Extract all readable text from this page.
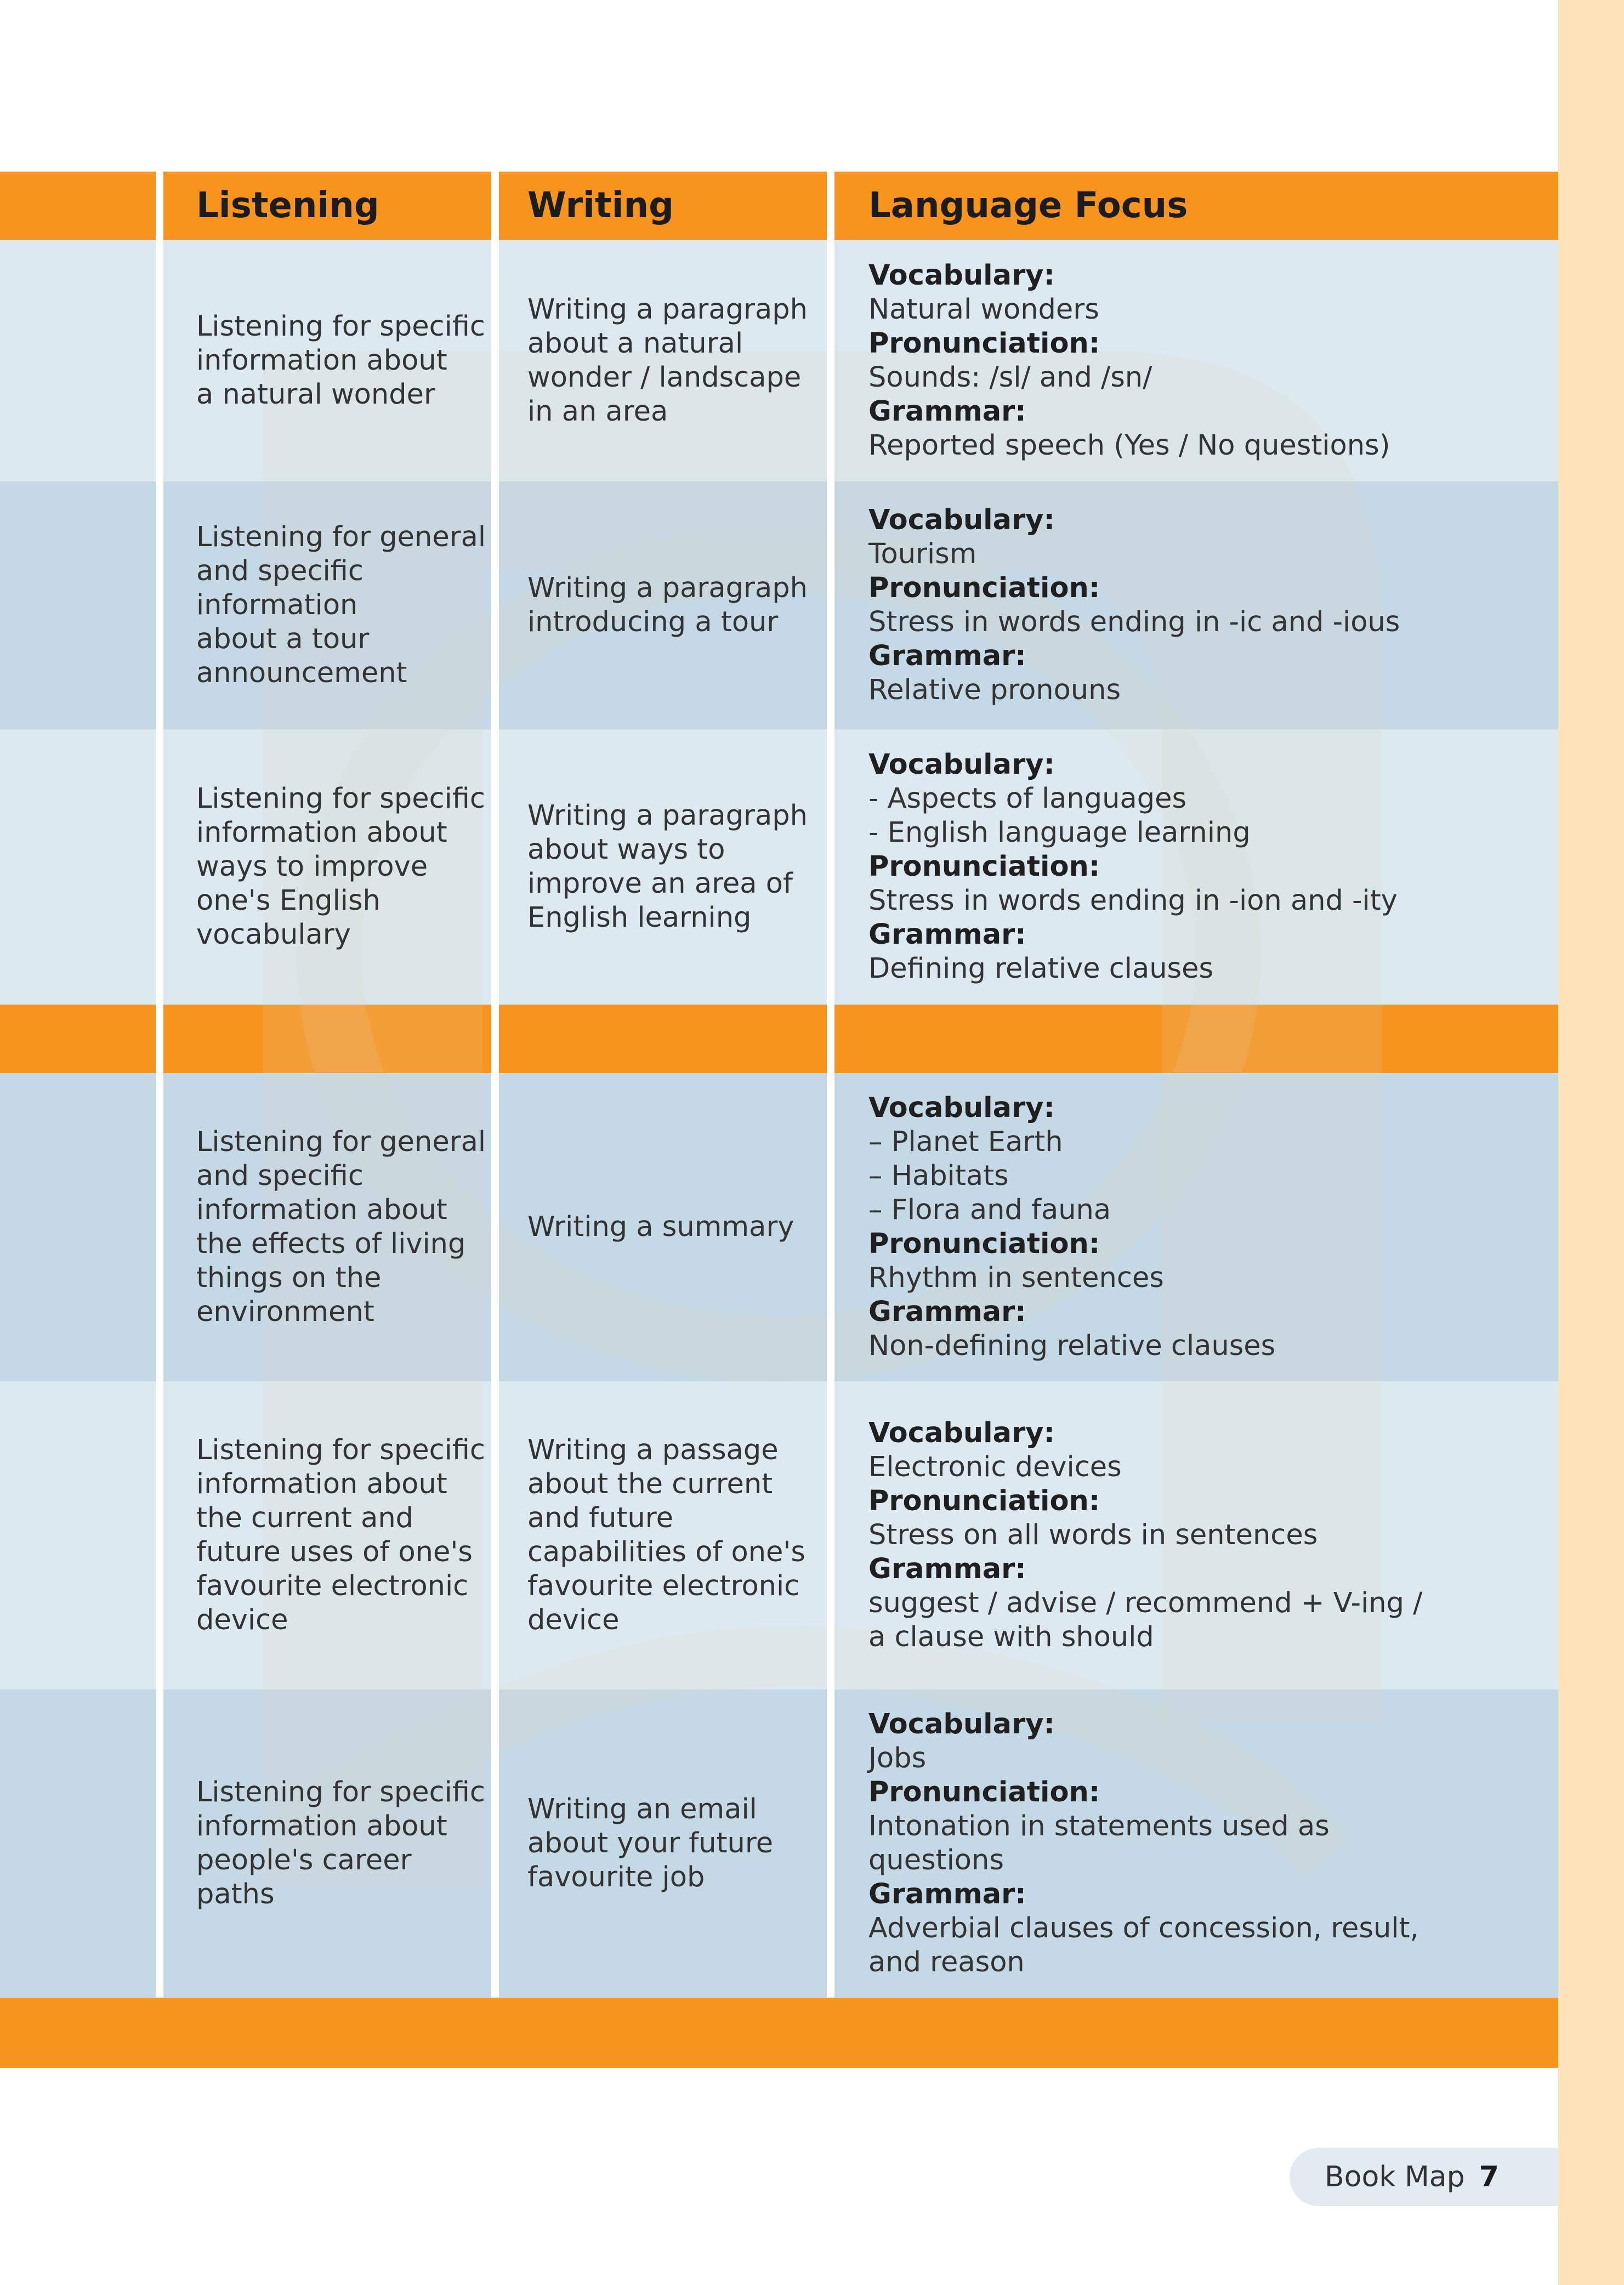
Listening	Writing	Language Focus
Listening for specific
information about
a natural wonder
Writing a paragraph
about a natural
wonder / landscape
in an area
Vocabulary:
Natural wonders
Pronunciation:
Sounds: /sl/ and /sn/
Grammar:
Reported speech (Yes / No questions)
Listening for general
and specific
information
about a tour
announcement
Writing a paragraph
introducing a tour
Vocabulary:
Tourism
Pronunciation:
Stress in words ending in -ic and -ious
Grammar:
Relative pronouns
Listening for specific
information about
ways to improve
one's English
vocabulary
Writing a paragraph
about ways to
improve an area of
English learning
Vocabulary:
- Aspects of languages
- English language learning
Pronunciation:
Stress in words ending in -ion and -ity
Grammar:
Defining relative clauses
Listening for general
and specific
information about
the effects of living
things on the
environment
Writing a summary
Vocabulary:
– Planet Earth
– Habitats
– Flora and fauna
Pronunciation:
Rhythm in sentences
Grammar:
Non-defining relative clauses
Listening for specific
information about
the current and
future uses of one's
favourite electronic
device
Writing a passage
about the current
and future
capabilities of one's
favourite electronic
device
Vocabulary:
Electronic devices
Pronunciation:
Stress on all words in sentences
Grammar:
suggest / advise / recommend + V-ing /
a clause with should
Listening for specific
information about
people's career
paths
Writing an email
about your future
favourite job
Vocabulary:
Jobs
Pronunciation:
Intonation in statements used as
questions
Grammar:
Adverbial clauses of concession, result,
and reason
Book Map 7
